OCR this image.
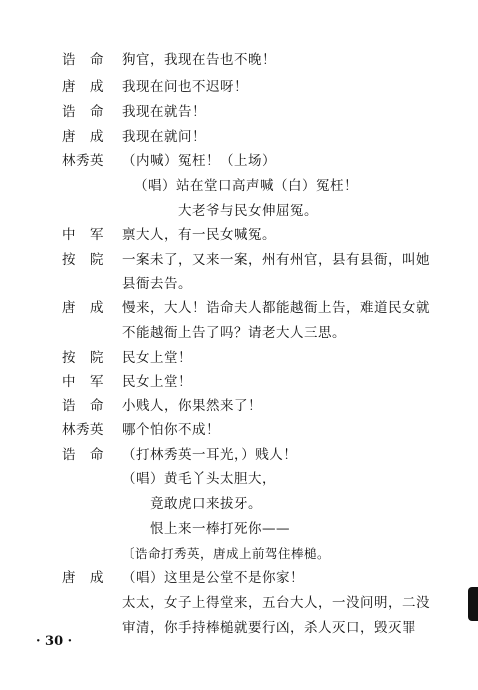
诰　命 狗官，我现在告也不晚！
唐　成 我现在问也不迟呀！
诰　命 我现在就告！
唐　成 我现在就问！
林秀英 （内喊）冤枉！（上场）
（唱）站在堂口高声喊（白）冤枉！
大老爷与民女伸屈冤。
中　军 禀大人，有一民女喊冤。
按　院 一案未了，又来一案，州有州官，县有县衙，叫她
县衙去告。
唐　成 慢来，大人！诰命夫人都能越衙上告，难道民女就
不能越衙上告了吗？请老大人三思。
按　院 民女上堂！
中　军 民女上堂！
诰　命 小贱人，你果然来了！
林秀英 哪个怕你不成！
诰　命 （打林秀英一耳光，）贱人！
（唱）黄毛丫头太胆大，
竟敢虎口来拔牙。
恨上来一棒打死你——
〔诰命打秀英，唐成上前驾住棒槌。
唐　成 （唱）这里是公堂不是你家！
太太，女子上得堂来，五台大人，一没问明，二没
审清，你手持棒槌就要行凶，杀人灭口，毁灭罪
· 30 ·
